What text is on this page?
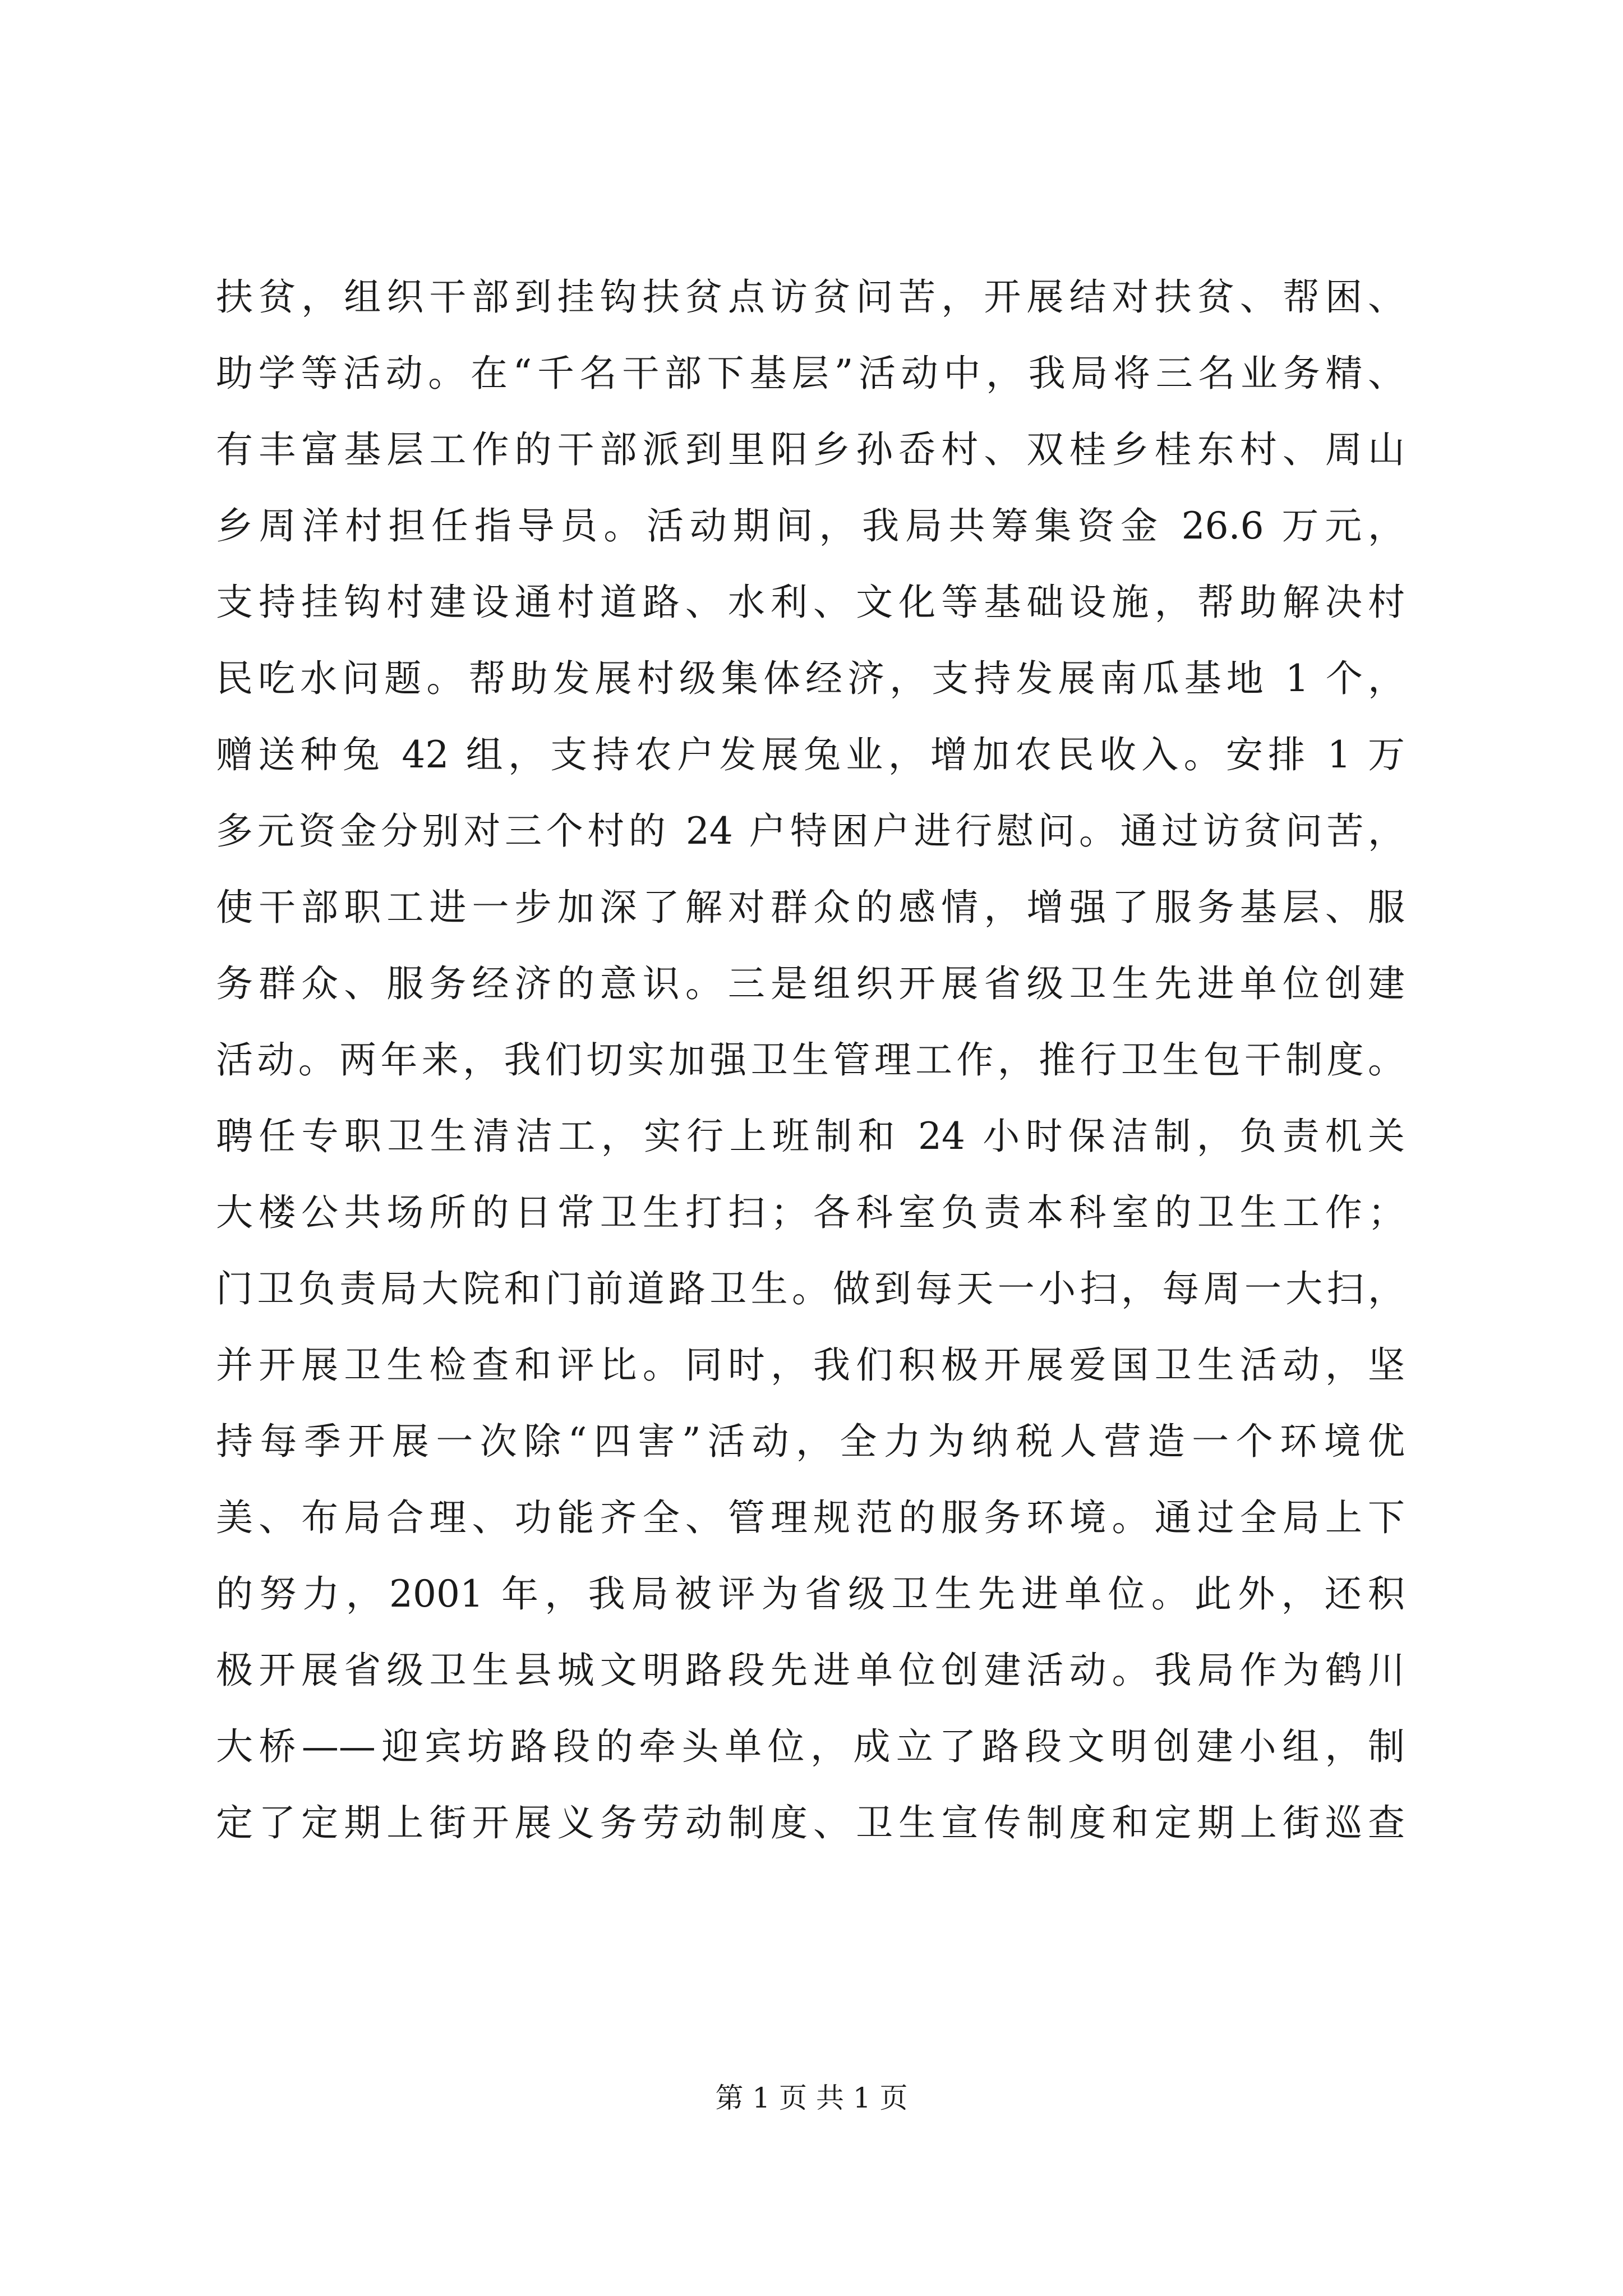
扶贫，组织干部到挂钩扶贫点访贫问苦，开展结对扶贫、帮困、
助学等活动。在“千名干部下基层”活动中，我局将三名业务精、
有丰富基层工作的干部派到里阳乡孙岙村、双桂乡桂东村、周山
乡周洋村担任指导员。活动期间，我局共筹集资金 26.6 万元，
支持挂钩村建设通村道路、水利、文化等基础设施，帮助解决村
民吃水问题。帮助发展村级集体经济，支持发展南瓜基地 1 个，
赠送种兔 42 组，支持农户发展兔业，增加农民收入。安排 1 万
多元资金分别对三个村的 24 户特困户进行慰问。通过访贫问苦，
使干部职工进一步加深了解对群众的感情，增强了服务基层、服
务群众、服务经济的意识。三是组织开展省级卫生先进单位创建
活动。两年来，我们切实加强卫生管理工作，推行卫生包干制度。
聘任专职卫生清洁工，实行上班制和 24 小时保洁制，负责机关
大楼公共场所的日常卫生打扫；各科室负责本科室的卫生工作；
门卫负责局大院和门前道路卫生。做到每天一小扫，每周一大扫，
并开展卫生检查和评比。同时，我们积极开展爱国卫生活动，坚
持每季开展一次除“四害”活动，全力为纳税人营造一个环境优
美、布局合理、功能齐全、管理规范的服务环境。通过全局上下
的努力，2001 年，我局被评为省级卫生先进单位。此外，还积
极开展省级卫生县城文明路段先进单位创建活动。我局作为鹤川
大桥——迎宾坊路段的牵头单位，成立了路段文明创建小组，制
定了定期上街开展义务劳动制度、卫生宣传制度和定期上街巡查
第 1 页 共 1 页
